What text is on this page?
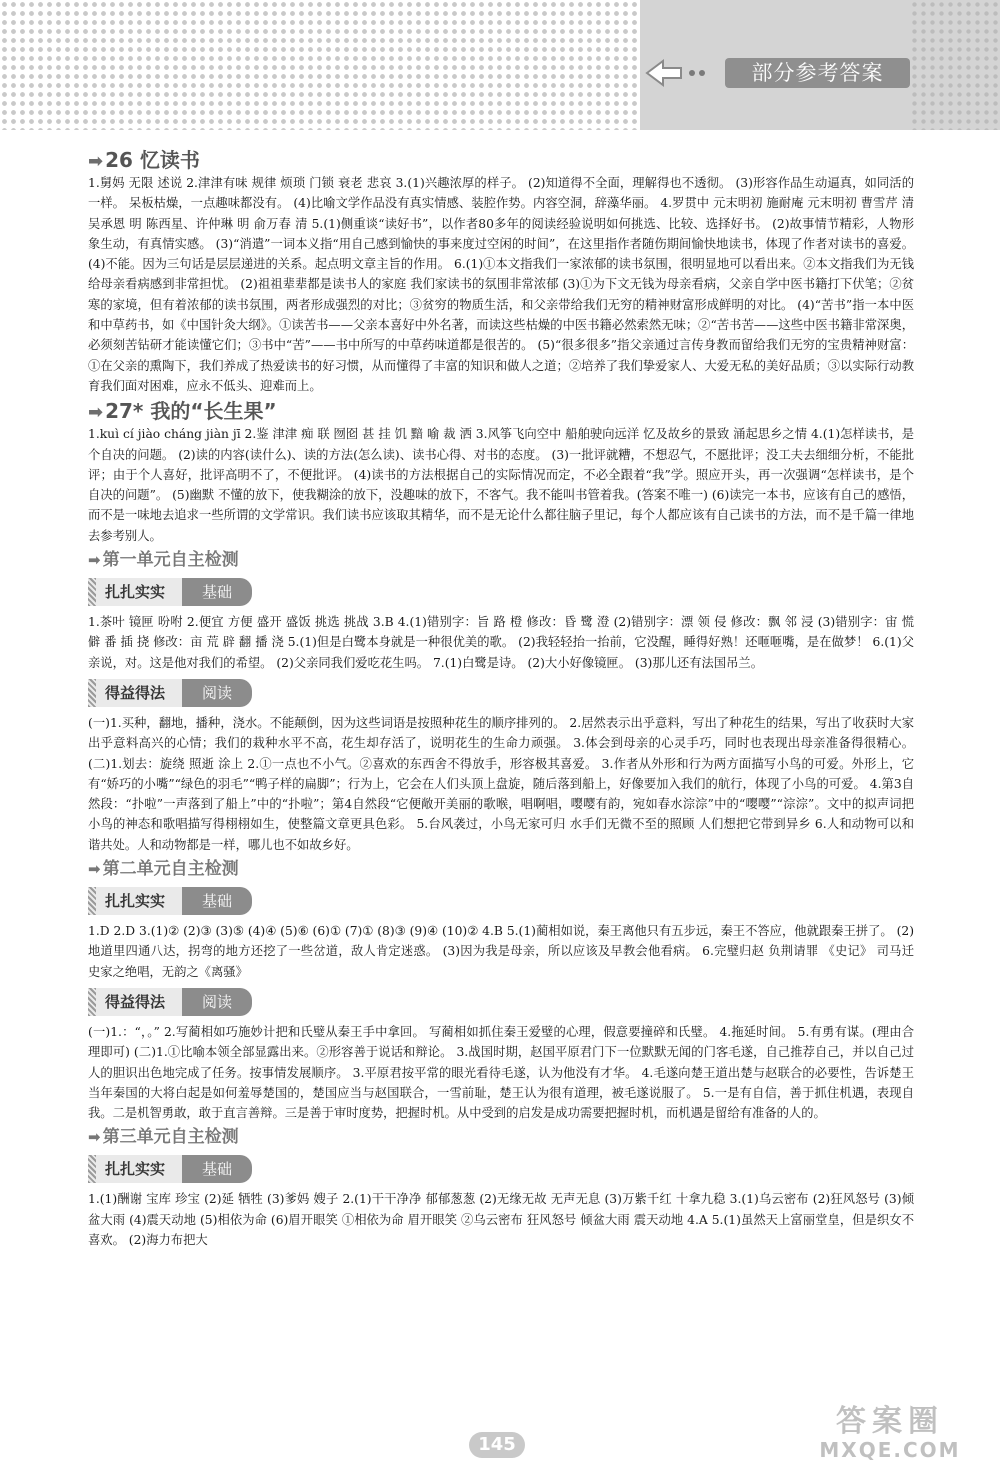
部分参考答案
➡ 26 忆读书

1.舅妈 无限 述说 2.津津有味 规律 烦琐 门锁 衰老 悲哀 3.(1)兴趣浓厚的样子。 (2)知道得不全面，理解得也不透彻。 (3)形容作品生动逼真，如同活的一样。 呆板枯燥，一点趣味都没有。 (4)比喻文学作品没有真实情感、装腔作势。内容空洞，辞藻华丽。 4.罗贯中 元末明初 施耐庵 元末明初 曹雪芹 清 吴承恩 明 陈西星、许仲琳 明 俞万春 清 5.(1)侧重谈“读好书”，以作者80多年的阅读经验说明如何挑选、比较、选择好书。 (2)故事情节精彩，人物形象生动，有真情实感。 (3)“消遣”一词本义指“用自己感到愉快的事来度过空闲的时间”，在这里指作者随伤期间愉快地读书，体现了作者对读书的喜爱。 (4)不能。因为三句话是层层递进的关系。起点明文章主旨的作用。 6.(1)①本文指我们一家浓郁的读书氛围，很明显地可以看出来。②本文指我们为无钱给母亲看病感到非常担忧。 (2)祖祖辈辈都是读书人的家庭 我们家读书的氛围非常浓郁 (3)①为下文无钱为母亲看病，父亲自学中医书籍打下伏笔；②贫寒的家境，但有着浓郁的读书氛围，两者形成强烈的对比；③贫穷的物质生活，和父亲带给我们无穷的精神财富形成鲜明的对比。 (4)“苦书”指一本中医和中草药书，如《中国针灸大纲》。①读苦书——父亲本喜好中外名著，而读这些枯燥的中医书籍必然索然无味；②“苦书苦——这些中医书籍非常深奥，必须刻苦钻研才能读懂它们；③书中“苦”——书中所写的中草药味道都是很苦的。 (5)“很多很多”指父亲通过言传身教而留给我们无穷的宝贵精神财富：①在父亲的熏陶下，我们养成了热爱读书的好习惯，从而懂得了丰富的知识和做人之道；②培养了我们挚爱家人、大爱无私的美好品质；③以实际行动教育我们面对困难，应永不低头、迎难而上。

➡ 27* 我的“长生果”

1.kuì cí jiào cháng jiàn jī 2.鉴 津津 痴 联 囫囵 甚 挂 饥 黯 喻 裁 洒 3.风筝飞向空中 船舶驶向远洋 忆及故乡的景致 涌起思乡之情 4.(1)怎样读书，是个自决的问题。 (2)读的内容(读什么)、读的方法(怎么读)、读书心得、对书的态度。 (3)一批评就糟，不想忍气，不愿批评；没工夫去细细分析，不能批评；由于个人喜好，批评高明不了，不便批评。 (4)读书的方法根据自己的实际情况而定，不必全跟着“我”学。照应开头，再一次强调“怎样读书，是个自决的问题”。 (5)幽默 不懂的放下，使我糊涂的放下，没趣味的放下，不客气。我不能叫书管着我。(答案不唯一) (6)读完一本书，应该有自己的感悟，而不是一味地去追求一些所谓的文学常识。我们读书应该取其精华，而不是无论什么都往脑子里记，每个人都应该有自己读书的方法，而不是千篇一律地去参考别人。

➡ 第一单元自主检测
扎扎实实	基础

1.茶叶 镜匣 吩咐 2.便宜 方便 盛开 盛饭 挑选 挑战 3.B 4.(1)错别字：旨 路 橙 修改：昏 鹭 澄 (2)错别字：漂 领 侵 修改：飘 邻 浸 (3)错别字：宙 慌 僻 番 插 挠 修改：亩 荒 辟 翻 播 浇 5.(1)但是白鹭本身就是一种很优美的歌。 (2)我轻轻抬一抬前，它没醒，睡得好熟！还咂咂嘴，是在做梦！ 6.(1)父亲说，对。这是他对我们的希望。 (2)父亲同我们爱吃花生吗。 7.(1)白鹭是诗。 (2)大小好像镜匣。 (3)那儿还有法国吊兰。

得益得法	阅读

(一)1.买种，翻地，播种，浇水。不能颠倒，因为这些词语是按照种花生的顺序排列的。 2.居然表示出乎意料，写出了种花生的结果，写出了收获时大家出乎意料高兴的心情；我们的栽种水平不高，花生却存活了，说明花生的生命力顽强。 3.体会到母亲的心灵手巧，同时也表现出母亲准备得很精心。 (二)1.划去：旋绕 照逝 涂上 2.①一点也不小气。②喜欢的东西舍不得放手，形容极其喜爱。 3.作者从外形和行为两方面描写小鸟的可爱。外形上，它有“娇巧的小嘴”“绿色的羽毛”“鸭子样的扁脚”；行为上，它会在人们头顶上盘旋，随后落到船上，好像要加入我们的航行，体现了小鸟的可爱。 4.第3自然段：“扑啦”一声落到了船上”中的“扑啦”；第4自然段“它便敞开美丽的歌喉，唱啊唱，嘤嘤有韵，宛如春水淙淙”中的“嘤嘤”“淙淙”。文中的拟声词把小鸟的神态和歌唱描写得栩栩如生，使整篇文章更具色彩。 5.台风袭过，小鸟无家可归 水手们无微不至的照顾 人们想把它带到异乡 6.人和动物可以和谐共处。人和动物都是一样，哪儿也不如故乡好。

➡ 第二单元自主检测
扎扎实实	基础

1.D 2.D 3.(1)② (2)③ (3)⑤ (4)④ (5)⑥ (6)① (7)① (8)③ (9)④ (10)② 4.B 5.(1)蔺相如说，秦王离他只有五步远，秦王不答应，他就跟秦王拼了。 (2)地道里四通八达，拐弯的地方还挖了一些岔道，敌人肯定迷惑。 (3)因为我是母亲，所以应该及早教会他看病。 6.完璧归赵 负荆请罪 《史记》 司马迁 史家之绝唱，无韵之《离骚》

得益得法	阅读

(一)1.：“，。” 2.写蔺相如巧施妙计把和氏璧从秦王手中拿回。 写蔺相如抓住秦王爱璧的心理，假意要撞碎和氏璧。 4.拖延时间。 5.有勇有谋。(理由合理即可) (二)1.①比喻本领全部显露出来。②形容善于说话和辩论。 3.战国时期，赵国平原君门下一位默默无闻的门客毛遂，自己推荐自己，并以自己过人的胆识出色地完成了任务。按事情发展顺序。 3.平原君按平常的眼光看待毛遂，认为他没有才华。 4.毛遂向楚王道出楚与赵联合的必要性，告诉楚王当年秦国的大将白起是如何羞辱楚国的，楚国应当与赵国联合，一雪前耻，楚王认为很有道理，被毛遂说服了。 5.一是有自信，善于抓住机遇，表现自我。二是机智勇敢，敢于直言善辩。三是善于审时度势，把握时机。从中受到的启发是成功需要把握时机，而机遇是留给有准备的人的。

➡ 第三单元自主检测
扎扎实实	基础

1.(1)酬谢 宝库 珍宝 (2)延 牺牲 (3)爹妈 嫂子 2.(1)干干净净 郁郁葱葱 (2)无缘无故 无声无息 (3)万紫千红 十拿九稳 3.(1)乌云密布 (2)狂风怒号 (3)倾盆大雨 (4)震天动地 (5)相依为命 (6)眉开眼笑 ①相依为命 眉开眼笑 ②乌云密布 狂风怒号 倾盆大雨 震天动地 4.A 5.(1)虽然天上富丽堂皇，但是织女不喜欢。 (2)海力布把大

145
答案圈
MXQE.COM
